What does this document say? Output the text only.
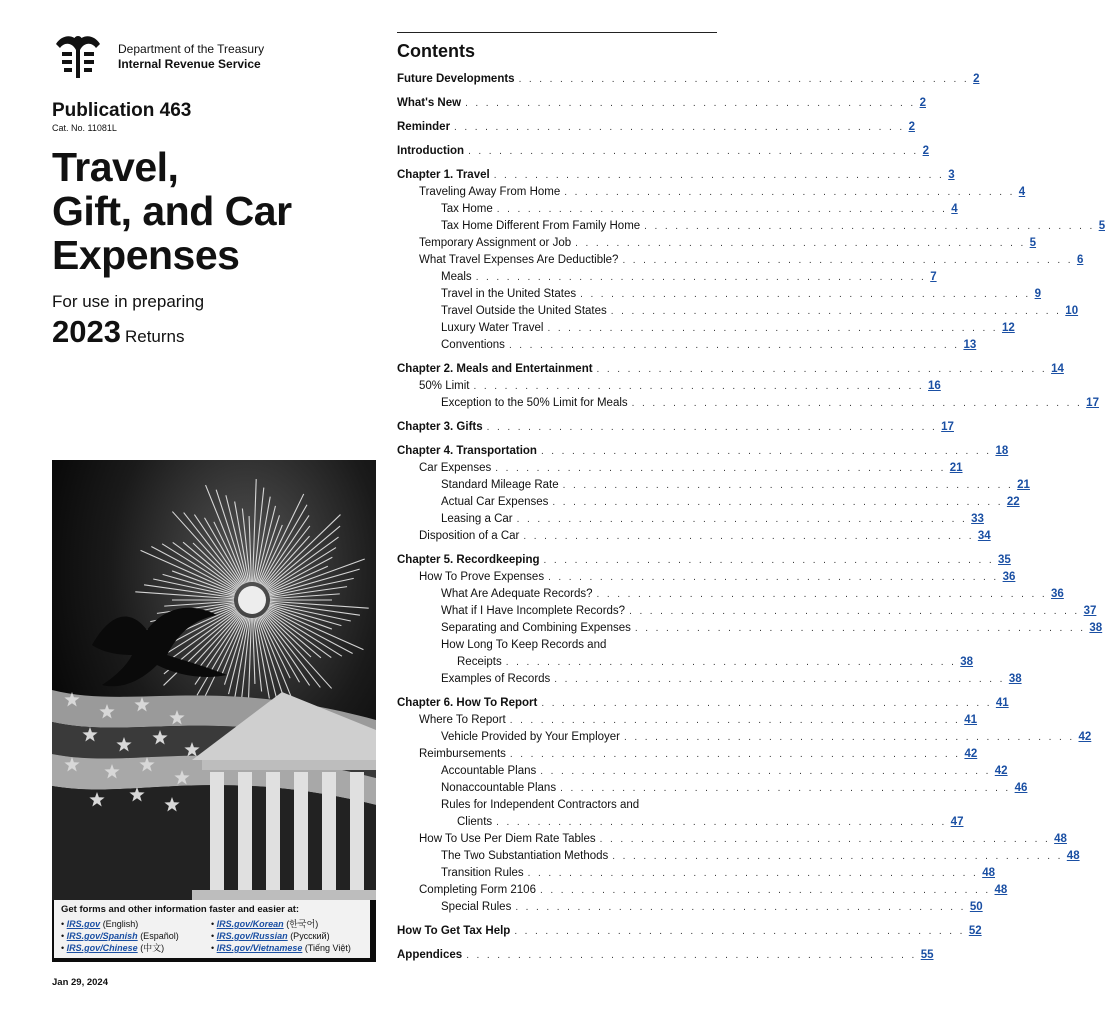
Department of the Treasury
Internal Revenue Service
Publication 463
Cat. No. 11081L
Travel,
Gift, and Car
Expenses
For use in preparing
2023 Returns
Get forms and other information faster and easier at:
• IRS.gov (English)
• IRS.gov/Spanish (Español)
• IRS.gov/Chinese (中文)
• IRS.gov/Korean (한국어)
• IRS.gov/Russian (Русский)
• IRS.gov/Vietnamese (Tiếng Việt)
Jan 29, 2024
Contents
Future Developments . . . . . . . . . . . . . . . . . . . . . . . . . . . . . . . . . . . . . . . . . . . . 2
What's New . . . . . . . . . . . . . . . . . . . . . . . . . . . . . . . . . . . . . . . . . . . . 2
Reminder . . . . . . . . . . . . . . . . . . . . . . . . . . . . . . . . . . . . . . . . . . . . 2
Introduction . . . . . . . . . . . . . . . . . . . . . . . . . . . . . . . . . . . . . . . . . . . . 2
Chapter 1. Travel . . . . . . . . . . . . . . . . . . . . . . . . . . . . . . . . . . . . . . . . . . . . 3
Traveling Away From Home . . . . . . . . . . . . . . . . . . . . . . . . . . . . . . . . . . . . . . . . . . . . 4
Tax Home . . . . . . . . . . . . . . . . . . . . . . . . . . . . . . . . . . . . . . . . . . . . 4
Tax Home Different From Family Home . . . . . . . . . . . . . . . . . . . . . . . . . . . . . . . . . . . . . . . . . . . . 5
Temporary Assignment or Job . . . . . . . . . . . . . . . . . . . . . . . . . . . . . . . . . . . . . . . . . . . . 5
What Travel Expenses Are Deductible? . . . . . . . . . . . . . . . . . . . . . . . . . . . . . . . . . . . . . . . . . . . . 6
Meals . . . . . . . . . . . . . . . . . . . . . . . . . . . . . . . . . . . . . . . . . . . . 7
Travel in the United States . . . . . . . . . . . . . . . . . . . . . . . . . . . . . . . . . . . . . . . . . . . . 9
Travel Outside the United States . . . . . . . . . . . . . . . . . . . . . . . . . . . . . . . . . . . . . . . . . . . . 10
Luxury Water Travel . . . . . . . . . . . . . . . . . . . . . . . . . . . . . . . . . . . . . . . . . . . . 12
Conventions . . . . . . . . . . . . . . . . . . . . . . . . . . . . . . . . . . . . . . . . . . . . 13
Chapter 2. Meals and Entertainment . . . . . . . . . . . . . . . . . . . . . . . . . . . . . . . . . . . . . . . . . . . . 14
50% Limit . . . . . . . . . . . . . . . . . . . . . . . . . . . . . . . . . . . . . . . . . . . . 16
Exception to the 50% Limit for Meals . . . . . . . . . . . . . . . . . . . . . . . . . . . . . . . . . . . . . . . . . . . . 17
Chapter 3. Gifts . . . . . . . . . . . . . . . . . . . . . . . . . . . . . . . . . . . . . . . . . . . . 17
Chapter 4. Transportation . . . . . . . . . . . . . . . . . . . . . . . . . . . . . . . . . . . . . . . . . . . . 18
Car Expenses . . . . . . . . . . . . . . . . . . . . . . . . . . . . . . . . . . . . . . . . . . . . 21
Standard Mileage Rate . . . . . . . . . . . . . . . . . . . . . . . . . . . . . . . . . . . . . . . . . . . . 21
Actual Car Expenses . . . . . . . . . . . . . . . . . . . . . . . . . . . . . . . . . . . . . . . . . . . . 22
Leasing a Car . . . . . . . . . . . . . . . . . . . . . . . . . . . . . . . . . . . . . . . . . . . . 33
Disposition of a Car . . . . . . . . . . . . . . . . . . . . . . . . . . . . . . . . . . . . . . . . . . . . 34
Chapter 5. Recordkeeping . . . . . . . . . . . . . . . . . . . . . . . . . . . . . . . . . . . . . . . . . . . . 35
How To Prove Expenses . . . . . . . . . . . . . . . . . . . . . . . . . . . . . . . . . . . . . . . . . . . . 36
What Are Adequate Records? . . . . . . . . . . . . . . . . . . . . . . . . . . . . . . . . . . . . . . . . . . . . 36
What if I Have Incomplete Records? . . . . . . . . . . . . . . . . . . . . . . . . . . . . . . . . . . . . . . . . . . . . 37
Separating and Combining Expenses . . . . . . . . . . . . . . . . . . . . . . . . . . . . . . . . . . . . . . . . . . . . 38
How Long To Keep Records and
Receipts . . . . . . . . . . . . . . . . . . . . . . . . . . . . . . . . . . . . . . . . . . . . 38
Examples of Records . . . . . . . . . . . . . . . . . . . . . . . . . . . . . . . . . . . . . . . . . . . . 38
Chapter 6. How To Report . . . . . . . . . . . . . . . . . . . . . . . . . . . . . . . . . . . . . . . . . . . . 41
Where To Report . . . . . . . . . . . . . . . . . . . . . . . . . . . . . . . . . . . . . . . . . . . . 41
Vehicle Provided by Your Employer . . . . . . . . . . . . . . . . . . . . . . . . . . . . . . . . . . . . . . . . . . . . 42
Reimbursements . . . . . . . . . . . . . . . . . . . . . . . . . . . . . . . . . . . . . . . . . . . . 42
Accountable Plans . . . . . . . . . . . . . . . . . . . . . . . . . . . . . . . . . . . . . . . . . . . . 42
Nonaccountable Plans . . . . . . . . . . . . . . . . . . . . . . . . . . . . . . . . . . . . . . . . . . . . 46
Rules for Independent Contractors and
Clients . . . . . . . . . . . . . . . . . . . . . . . . . . . . . . . . . . . . . . . . . . . . 47
How To Use Per Diem Rate Tables . . . . . . . . . . . . . . . . . . . . . . . . . . . . . . . . . . . . . . . . . . . . 48
The Two Substantiation Methods . . . . . . . . . . . . . . . . . . . . . . . . . . . . . . . . . . . . . . . . . . . . 48
Transition Rules . . . . . . . . . . . . . . . . . . . . . . . . . . . . . . . . . . . . . . . . . . . . 48
Completing Form 2106 . . . . . . . . . . . . . . . . . . . . . . . . . . . . . . . . . . . . . . . . . . . . 48
Special Rules . . . . . . . . . . . . . . . . . . . . . . . . . . . . . . . . . . . . . . . . . . . . 50
How To Get Tax Help . . . . . . . . . . . . . . . . . . . . . . . . . . . . . . . . . . . . . . . . . . . . 52
Appendices . . . . . . . . . . . . . . . . . . . . . . . . . . . . . . . . . . . . . . . . . . . . 55
